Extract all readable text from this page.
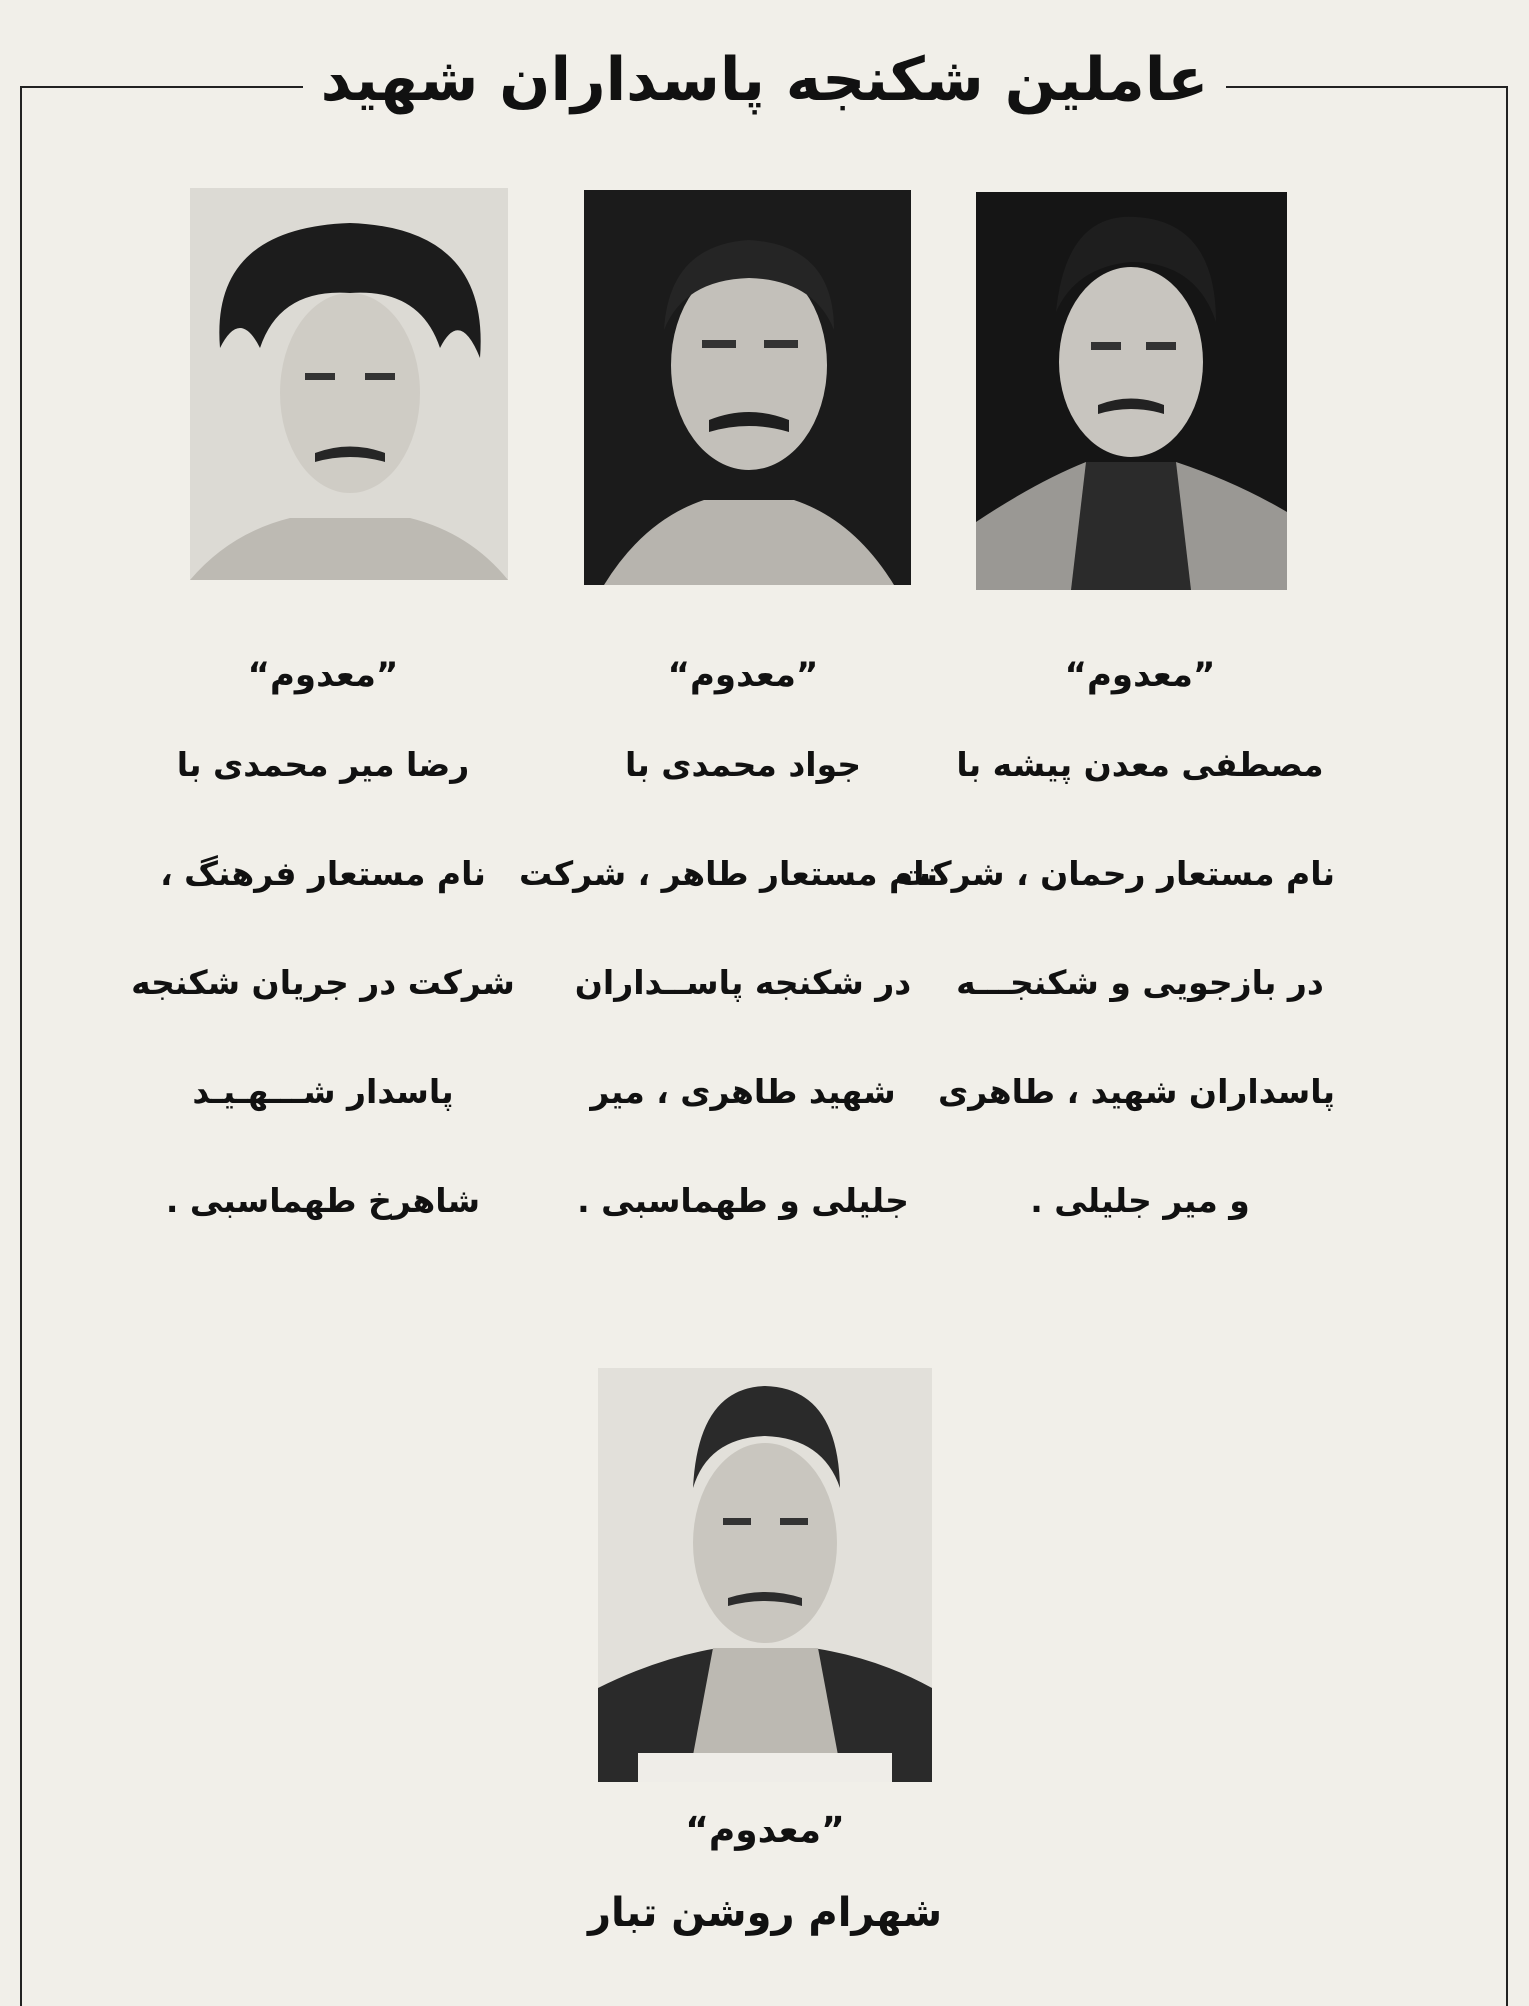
عاملین شکنجه پاسداران شهید
”معدوم“
مصطفی معدن پیشه با
نام مستعار رحمان ، شرکت
در بازجویی و شکنجـــه
پاسداران شهید ، طاهری
و میر جلیلی .
”معدوم“
جواد محمدی با
نام مستعار طاهر ، شرکت
در شکنجه پاســداران
شهید طاهری ، میر
جلیلی و طهماسبی .
”معدوم“
رضا میر محمدی با
نام مستعار فرهنگ ،
شرکت در جریان شکنجه
پاسدار شـــهـیـد
شاهرخ طهماسبی .
”معدوم“
شهرام روشن تبار
